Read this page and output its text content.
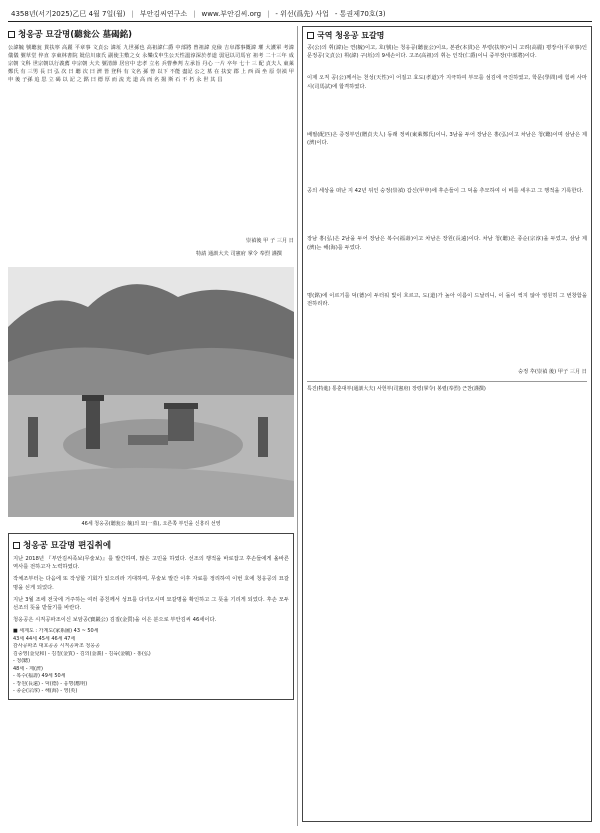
4358년(서기2025)乙巳 4월 7일(월) | 부안김씨연구소 | www.부안김씨.org | - 위선(爲先) 사업 - 통권제70호(3)
청옹공 묘갈명(聽瓮公 墓碣銘)
公諱毓 號聽瓮 貫扶寧 高麗 平章事 文貞公 諱坵 九世孫也 高祖諱仁爵 中部將 曾祖諱 克儉 吉阜郡事摡諱 瓘 大護軍 考諱 儀儀 號草堂 倅直 享東林書院 妣信川康氏 副使主敷之女 永樂戊申生公天性溫淳深於孝道 弱冠以司馬官 祖考 二十三年 成宗朝 文科 世宗朝以行義薦 中宗朝 大夫 號清節 居官中 忠孝 立名 兵曹參判 左承旨 丹心 一片 卒年 七十 三 配 貞夫人 東萊鄭氏 有 三男 長 曰 弘 次 曰 聽 次 曰 濟 皆 登科 有 文名 孫 曾 以下 不能 盡記 公之 墓 在 扶安 郡 上 西 面 坐 原 崇禎 甲 申 後 子孫 追 思 立 碣 以 記 之 銘 曰 德 厚 而 流 光 道 高 而 名 揚 斯 石 不 朽 永 世 其 昌
崇禎後 甲 子 三月 日
特請 通訓大夫 司憲府 掌令 奉烈 謹撰
46세 청옹공(聽瓮公 毓)의 묘(一墓), 오른쪽 부인을 신흥리 선영
청옹공 묘갈명 편집취에
지난 2018년 『부안김씨족보(무술보)』를 발간하며, 많은 고민을 하였다. 선조의 행적을 바로잡고 후손들에게 올바른 역사를 전하고자 노력하였다.
작체조부터는 다음에 또 작성할 기회가 있으리라 기대하며, 무술보 발간 이후 자료를 정리하여 이번 호에 청옹공의 묘갈명을 싣게 되었다.
지난 3월 조에 전국에 거주하는 여러 종친께서 성묘를 다녀오시며 묘갈명을 확인하고 그 뜻을 기리게 되었다. 후손 모두 선조의 뜻을 받들기를 바란다.
청옹공은 시직공파조이신 보암공(寶巖公) 김질(金質)을 이은 분으로 부안김씨 46세이다.
■ 세계도 : 가계도(家系圖) 43 ~ 50세
43세 44세 45세 46세 47세
감사공파조 대호공공 시직공파조 청옹공
김중영(金兌和) - 김질(金質) - 김의(金義) - 김육(金毓) - 홍(弘)
- 청(聽)
48세 - 제(濟)
- 복수(福壽) 49세 50세
- 장원(長遠) - 덕(德) - 응명(應明)
- 종순(宗淳) - 해(海) - 영(英)
국역 청옹공 묘갈명
공(公)의 휘(諱)는 연(毓)이고, 호(號)는 청옹공(聽瓮公)이요, 본관(本貫)은 부령(扶寧)이니 고려(高麗) 평장사(平章事)인 문정공(文貞公) 휘(諱) 구(坵)의 9세손이다. 고조(高祖)의 휘는 인작(仁爵)이니 중부장(中部將)이다.
이제 오직 공(公)께서는 천성(天性)이 어질고 효도(孝道)가 지극하여 부모를 섬김에 극진하였고, 학문(學問)에 힘써 사마시(司馬試)에 합격하였다.
배필(配匹)은 증정부인(贈貞夫人) 동래 정씨(東萊鄭氏)이니, 3남을 두어 장남은 홍(弘)이고 차남은 청(聽)이며 삼남은 제(濟)이다.
공의 세상을 떠난 지 42년 뒤인 숭정(崇禎) 갑신(甲申)에 후손들이 그 덕을 추모하여 이 비를 세우고 그 행적을 기록한다.
장남 홍(弘)은 2남을 두어 장남은 복수(福壽)이고 차남은 장원(長遠)이다. 차남 청(聽)은 종순(宗淳)을 두었고, 삼남 제(濟)는 해(海)를 두었다.
명(銘)에 이르기를 덕(德)이 두터워 빛이 흐르고, 도(道)가 높아 이름이 드날리니, 이 돌이 썩지 않아 영원히 그 번창함을 전하리라.
숭정 후(崇禎 後) 甲子 三月 日
특진(特進) 통훈대부(通訓大夫) 사헌부(司憲府) 장령(掌令) 봉렬(奉烈) 근찬(謹撰)
